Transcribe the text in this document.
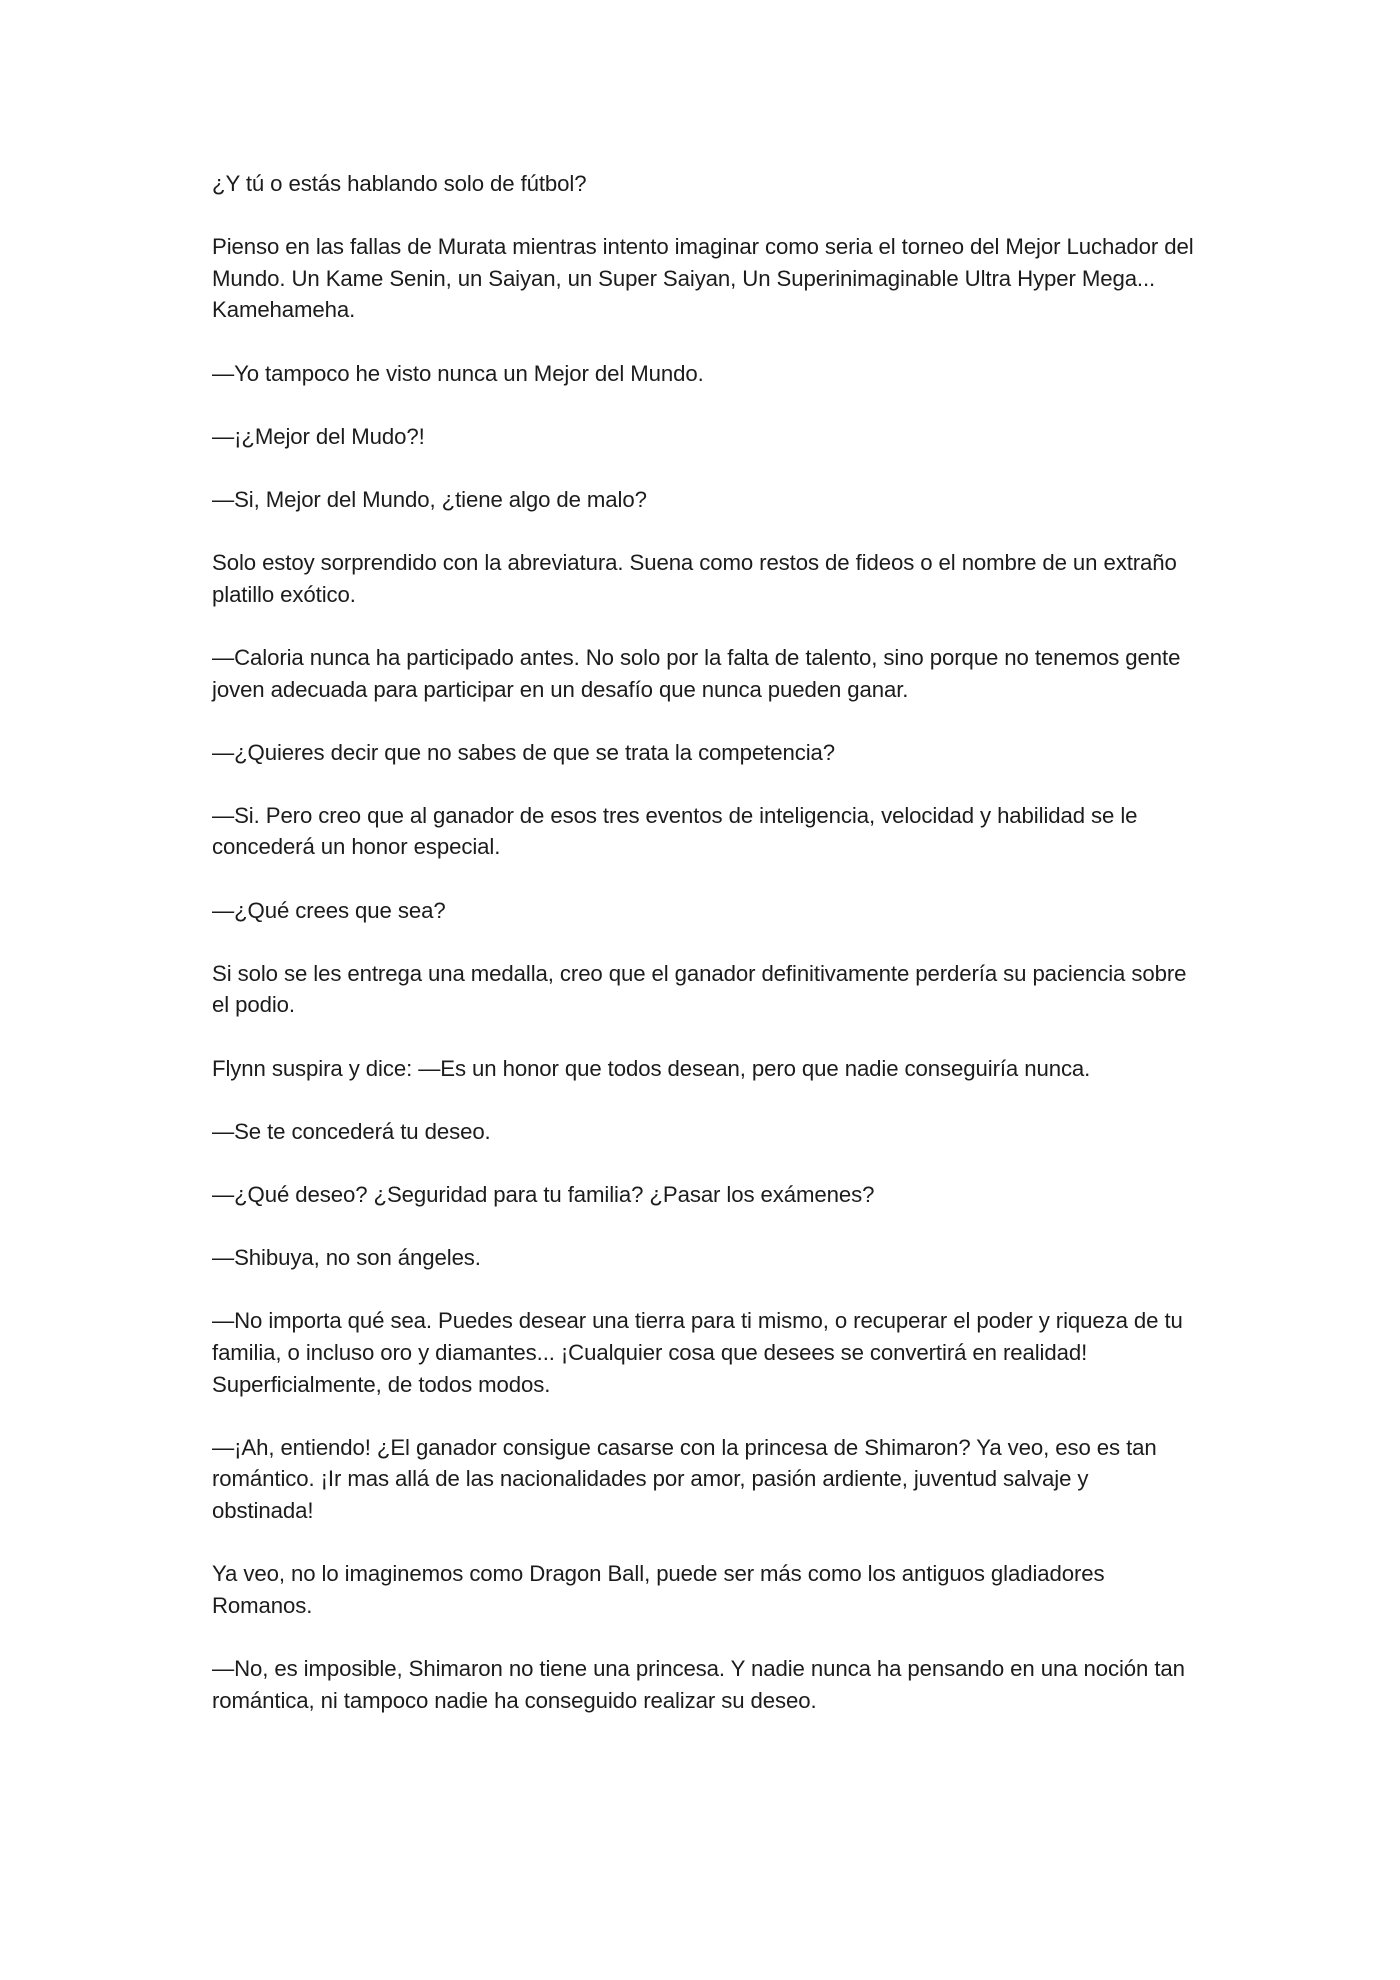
¿Y tú o estás hablando solo de fútbol?

Pienso en las fallas de Murata mientras intento imaginar como seria el torneo del Mejor Luchador del Mundo. Un Kame Senin, un Saiyan, un Super Saiyan, Un Superinimaginable Ultra Hyper Mega... Kamehameha.

—Yo tampoco he visto nunca un Mejor del Mundo.

—¡¿Mejor del Mudo?!

—Si, Mejor del Mundo, ¿tiene algo de malo?

Solo estoy sorprendido con la abreviatura. Suena como restos de fideos o el nombre de un extraño platillo exótico.

—Caloria nunca ha participado antes. No solo por la falta de talento, sino porque no tenemos gente joven adecuada para participar en un desafío que nunca pueden ganar.

—¿Quieres decir que no sabes de que se trata la competencia?

—Si. Pero creo que al ganador de esos tres eventos de inteligencia, velocidad y habilidad se le concederá un honor especial.

—¿Qué crees que sea?

Si solo se les entrega una medalla, creo que el ganador definitivamente perdería su paciencia sobre el podio.

Flynn suspira y dice: —Es un honor que todos desean, pero que nadie conseguiría nunca.

—Se te concederá tu deseo.

—¿Qué deseo? ¿Seguridad para tu familia? ¿Pasar los exámenes?

—Shibuya, no son ángeles.

—No importa qué sea. Puedes desear una tierra para ti mismo, o recuperar el poder y riqueza de tu familia, o incluso oro y diamantes... ¡Cualquier cosa que desees se convertirá en realidad! Superficialmente, de todos modos.

—¡Ah, entiendo! ¿El ganador consigue casarse con la princesa de Shimaron? Ya veo, eso es tan romántico. ¡Ir mas allá de las nacionalidades por amor, pasión ardiente, juventud salvaje y obstinada!

Ya veo, no lo imaginemos como Dragon Ball, puede ser más como los antiguos gladiadores Romanos.

—No, es imposible, Shimaron no tiene una princesa. Y nadie nunca ha pensando en una noción tan romántica, ni tampoco nadie ha conseguido realizar su deseo.
